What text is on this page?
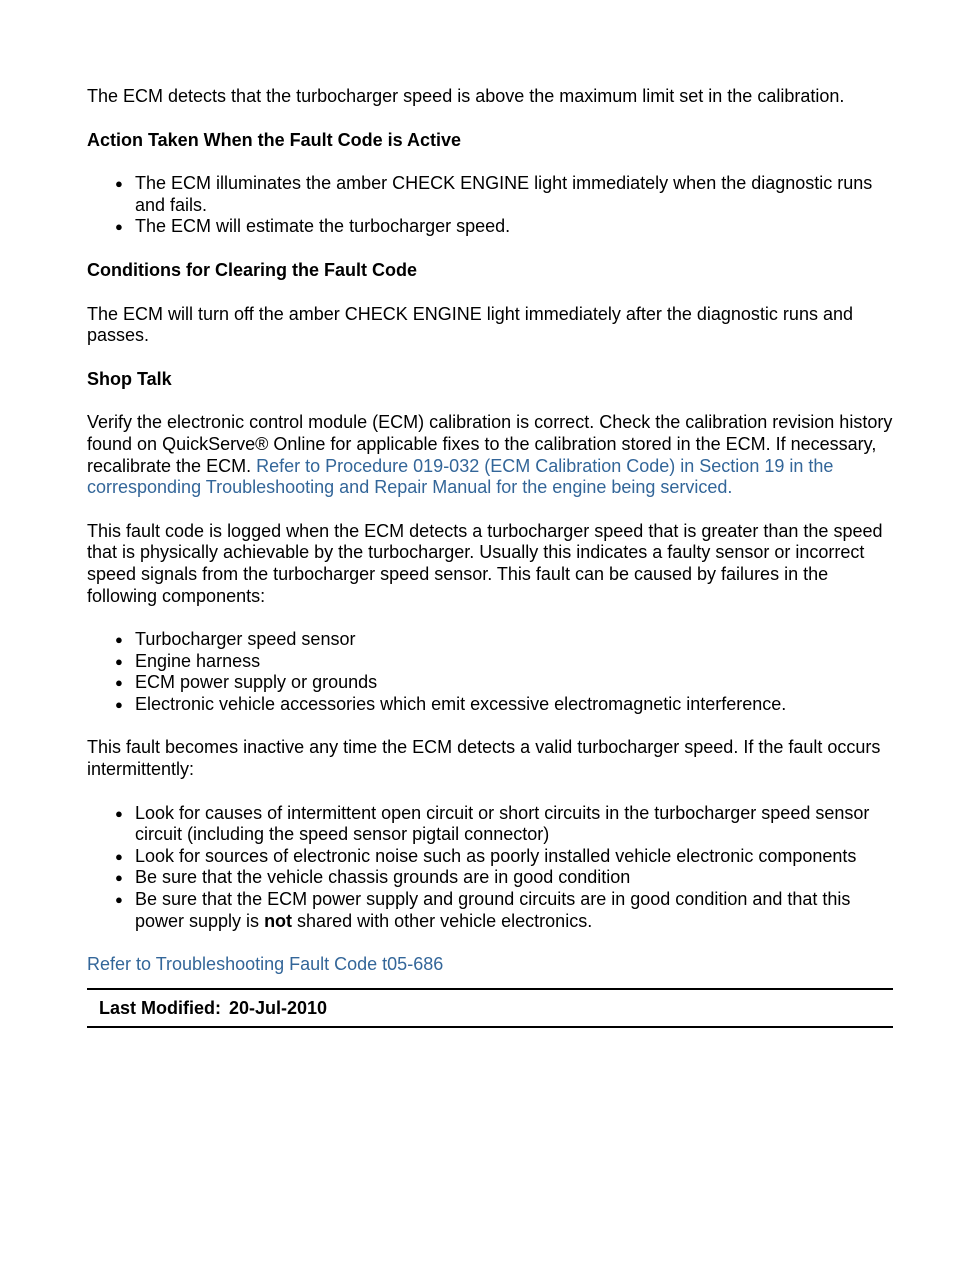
The ECM detects that the turbocharger speed is above the maximum limit set in the calibration.

Action Taken When the Fault Code is Active
● The ECM illuminates the amber CHECK ENGINE light immediately when the diagnostic runs and fails.
● The ECM will estimate the turbocharger speed.
Conditions for Clearing the Fault Code

The ECM will turn off the amber CHECK ENGINE light immediately after the diagnostic runs and passes.

Shop Talk

Verify the electronic control module (ECM) calibration is correct. Check the calibration revision history found on QuickServe® Online for applicable fixes to the calibration stored in the ECM. If necessary, recalibrate the ECM. Refer to Procedure 019-032 (ECM Calibration Code) in Section 19 in the corresponding Troubleshooting and Repair Manual for the engine being serviced.

This fault code is logged when the ECM detects a turbocharger speed that is greater than the speed that is physically achievable by the turbocharger. Usually this indicates a faulty sensor or incorrect speed signals from the turbocharger speed sensor. This fault can be caused by failures in the following components:

● Turbocharger speed sensor
● Engine harness
● ECM power supply or grounds
● Electronic vehicle accessories which emit excessive electromagnetic interference.

This fault becomes inactive any time the ECM detects a valid turbocharger speed. If the fault occurs intermittently:

● Look for causes of intermittent open circuit or short circuits in the turbocharger speed sensor circuit (including the speed sensor pigtail connector)
● Look for sources of electronic noise such as poorly installed vehicle electronic components
● Be sure that the vehicle chassis grounds are in good condition
● Be sure that the ECM power supply and ground circuits are in good condition and that this power supply is not shared with other vehicle electronics.

Refer to Troubleshooting Fault Code t05-686

Last Modified: 20-Jul-2010
